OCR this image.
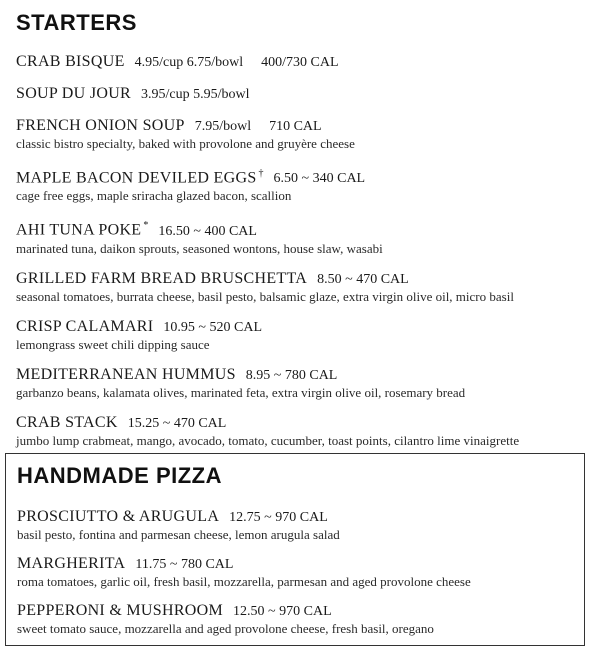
STARTERS
CRAB BISQUE 4.95/cup 6.75/bowl 400/730 CAL
SOUP DU JOUR 3.95/cup 5.95/bowl
FRENCH ONION SOUP 7.95/bowl 710 CAL
classic bistro specialty, baked with provolone and gruyère cheese
MAPLE BACON DEVILED EGGS † 6.50 ~ 340 CAL
cage free eggs, maple sriracha glazed bacon, scallion
AHI TUNA POKE * 16.50 ~ 400 CAL
marinated tuna, daikon sprouts, seasoned wontons, house slaw, wasabi
GRILLED FARM BREAD BRUSCHETTA 8.50 ~ 470 CAL
seasonal tomatoes, burrata cheese, basil pesto, balsamic glaze, extra virgin olive oil, micro basil
CRISP CALAMARI 10.95 ~ 520 CAL
lemongrass sweet chili dipping sauce
MEDITERRANEAN HUMMUS 8.95 ~ 780 CAL
garbanzo beans, kalamata olives, marinated feta, extra virgin olive oil, rosemary bread
CRAB STACK 15.25 ~ 470 CAL
jumbo lump crabmeat, mango, avocado, tomato, cucumber, toast points, cilantro lime vinaigrette
HANDMADE PIZZA
PROSCIUTTO & ARUGULA 12.75 ~ 970 CAL
basil pesto, fontina and parmesan cheese, lemon arugula salad
MARGHERITA 11.75 ~ 780 CAL
roma tomatoes, garlic oil, fresh basil, mozzarella, parmesan and aged provolone cheese
PEPPERONI & MUSHROOM 12.50 ~ 970 CAL
sweet tomato sauce, mozzarella and aged provolone cheese, fresh basil, oregano
